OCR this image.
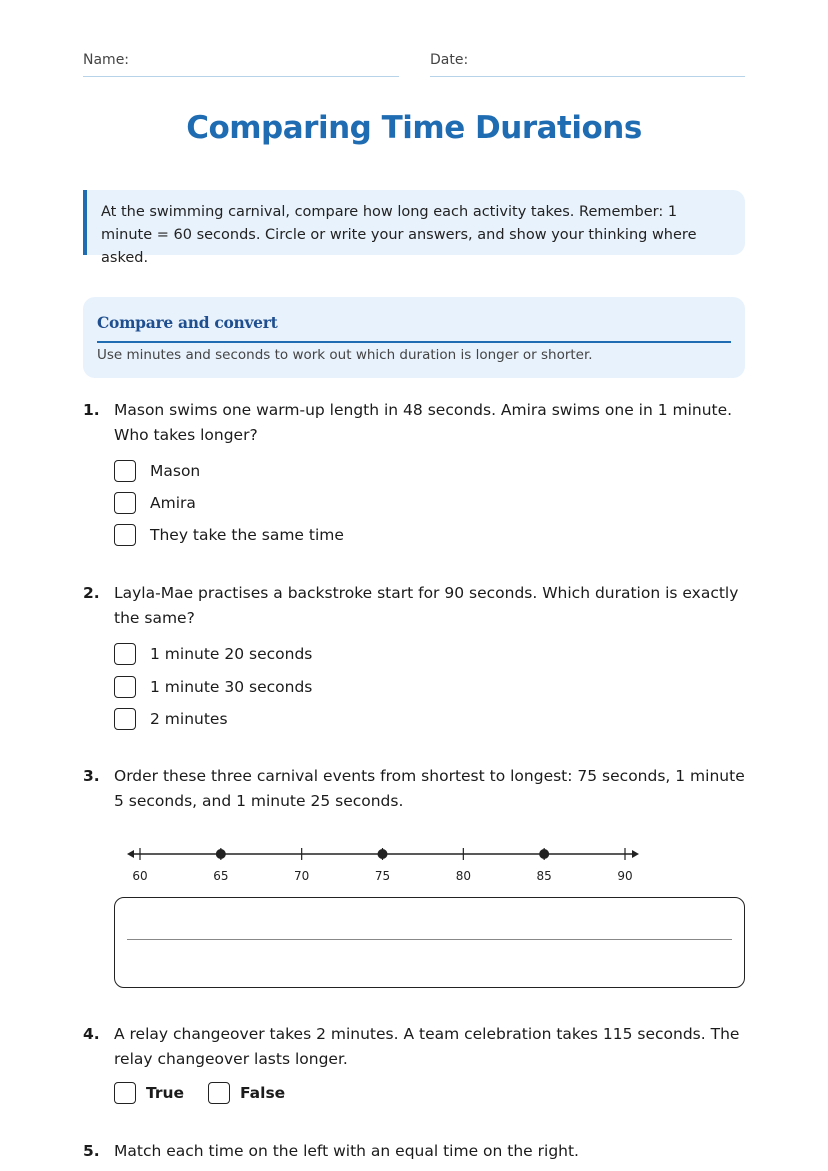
Name:	Date:
Comparing Time Durations
At the swimming carnival, compare how long each activity takes. Remember: 1 minute = 60 seconds. Circle or write your answers, and show your thinking where asked.
Compare and convert
Use minutes and seconds to work out which duration is longer or shorter.
1. Mason swims one warm-up length in 48 seconds. Amira swims one in 1 minute. Who takes longer?
Mason
Amira
They take the same time
2. Layla-Mae practises a backstroke start for 90 seconds. Which duration is exactly the same?
1 minute 20 seconds
1 minute 30 seconds
2 minutes
3. Order these three carnival events from shortest to longest: 75 seconds, 1 minute 5 seconds, and 1 minute 25 seconds.
60	65	70	75	80	85	90
4. A relay changeover takes 2 minutes. A team celebration takes 115 seconds. The relay changeover lasts longer.
True	False
5. Match each time on the left with an equal time on the right.
